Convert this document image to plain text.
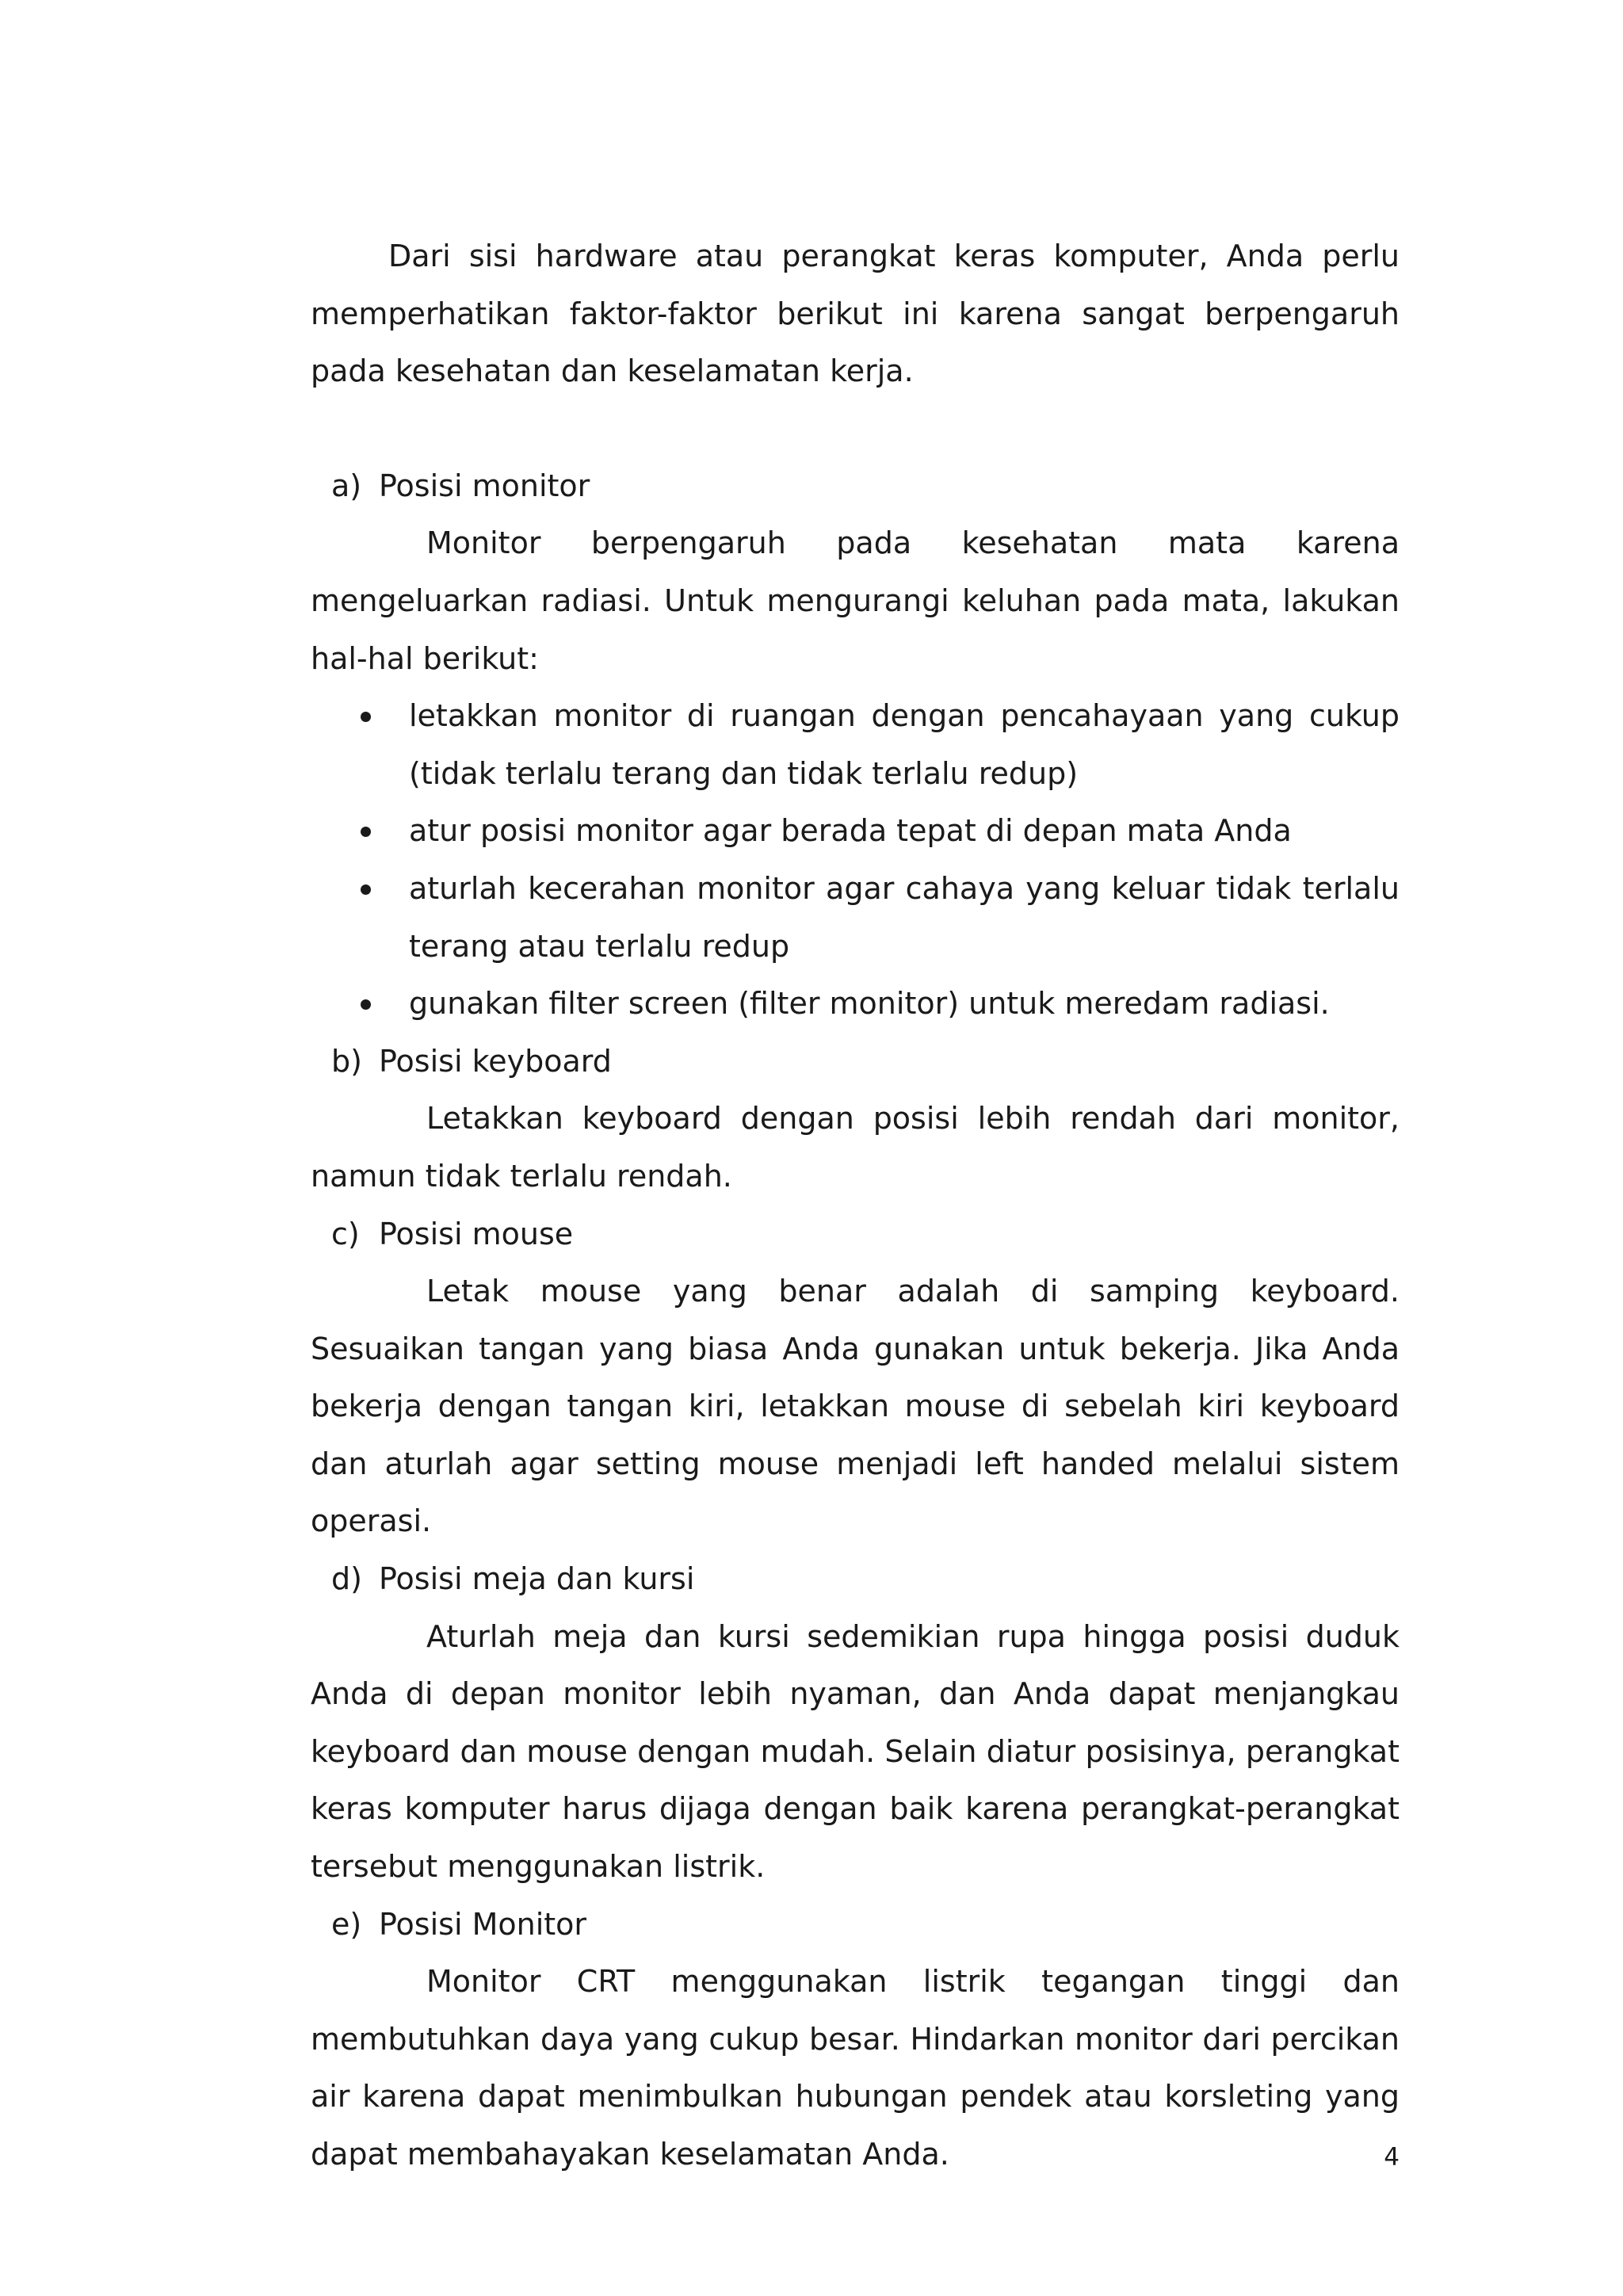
Dari sisi hardware atau perangkat keras komputer, Anda perlu memperhatikan faktor-faktor berikut ini karena sangat berpengaruh pada kesehatan dan keselamatan kerja.

a) Posisi monitor

Monitor berpengaruh pada kesehatan mata karena mengeluarkan radiasi. Untuk mengurangi keluhan pada mata, lakukan hal-hal berikut:

letakkan monitor di ruangan dengan pencahayaan yang cukup (tidak terlalu terang dan tidak terlalu redup)
atur posisi monitor agar berada tepat di depan mata Anda
aturlah kecerahan monitor agar cahaya yang keluar tidak terlalu terang atau terlalu redup
gunakan filter screen (filter monitor) untuk meredam radiasi.

b) Posisi keyboard

Letakkan keyboard dengan posisi lebih rendah dari monitor, namun tidak terlalu rendah.

c) Posisi mouse

Letak mouse yang benar adalah di samping keyboard. Sesuaikan tangan yang biasa Anda gunakan untuk bekerja. Jika Anda bekerja dengan tangan kiri, letakkan mouse di sebelah kiri keyboard dan aturlah agar setting mouse menjadi left handed melalui sistem operasi.

d) Posisi meja dan kursi

Aturlah meja dan kursi sedemikian rupa hingga posisi duduk Anda di depan monitor lebih nyaman, dan Anda dapat menjangkau keyboard dan mouse dengan mudah. Selain diatur posisinya, perangkat keras komputer harus dijaga dengan baik karena perangkat-perangkat tersebut menggunakan listrik.

e) Posisi Monitor

Monitor CRT menggunakan listrik tegangan tinggi dan membutuhkan daya yang cukup besar. Hindarkan monitor dari percikan air karena dapat menimbulkan hubungan pendek atau korsleting yang dapat membahayakan keselamatan Anda.	4
